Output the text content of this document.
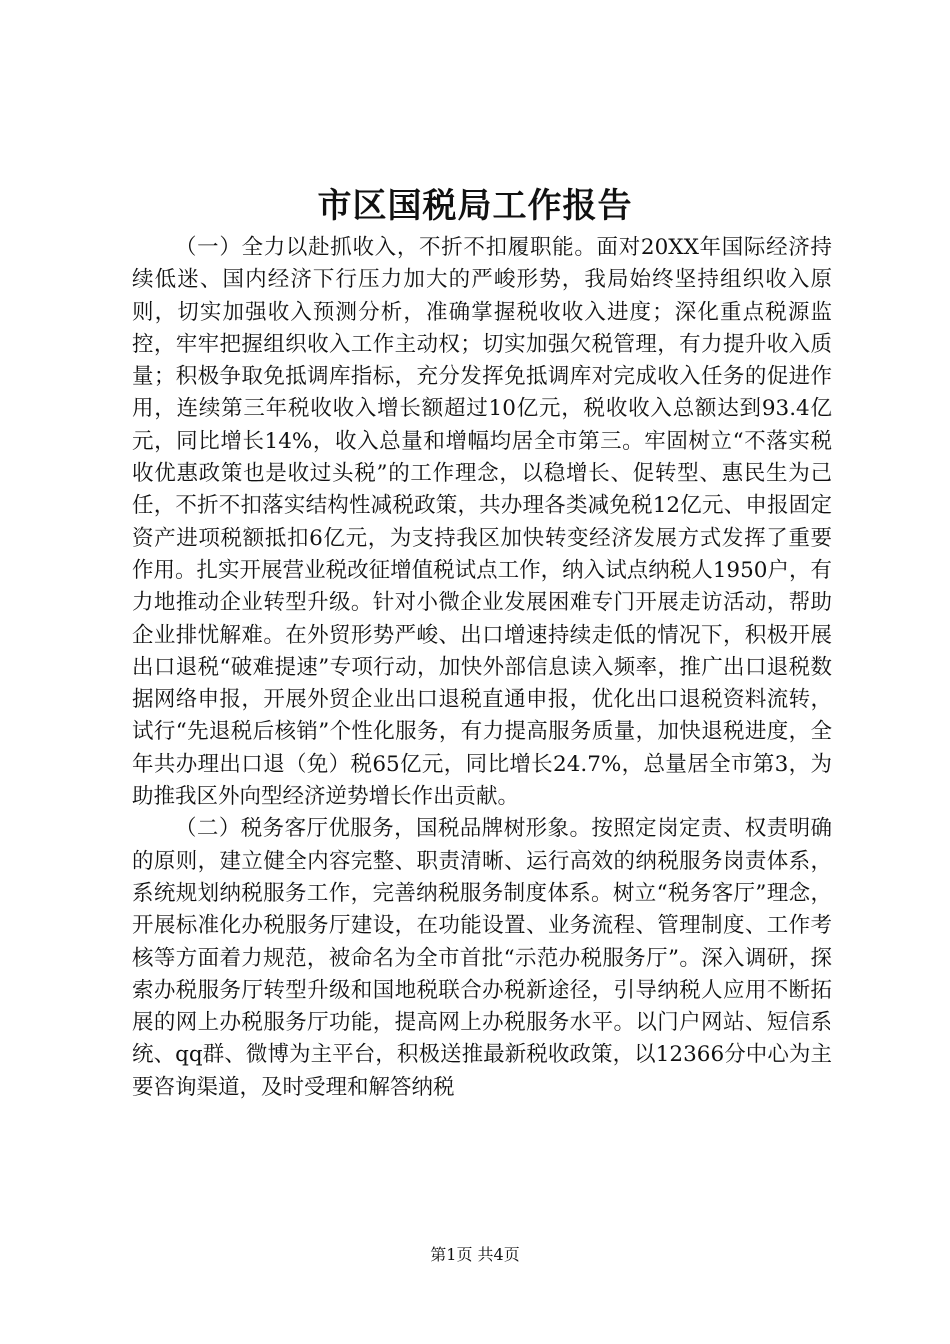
市区国税局工作报告

（一）全力以赴抓收入，不折不扣履职能。面对20XX年国际经济持续低迷、国内经济下行压力加大的严峻形势，我局始终坚持组织收入原则，切实加强收入预测分析，准确掌握税收收入进度；深化重点税源监控，牢牢把握组织收入工作主动权；切实加强欠税管理，有力提升收入质量；积极争取免抵调库指标，充分发挥免抵调库对完成收入任务的促进作用，连续第三年税收收入增长额超过10亿元，税收收入总额达到93.4亿元，同比增长14%，收入总量和增幅均居全市第三。牢固树立“不落实税收优惠政策也是收过头税”的工作理念，以稳增长、促转型、惠民生为己任，不折不扣落实结构性减税政策，共办理各类减免税12亿元、申报固定资产进项税额抵扣6亿元，为支持我区加快转变经济发展方式发挥了重要作用。扎实开展营业税改征增值税试点工作，纳入试点纳税人1950户，有力地推动企业转型升级。针对小微企业发展困难专门开展走访活动，帮助企业排忧解难。在外贸形势严峻、出口增速持续走低的情况下，积极开展出口退税“破难提速”专项行动，加快外部信息读入频率，推广出口退税数据网络申报，开展外贸企业出口退税直通申报，优化出口退税资料流转，试行“先退税后核销”个性化服务，有力提高服务质量，加快退税进度，全年共办理出口退（免）税65亿元，同比增长24.7%，总量居全市第3，为助推我区外向型经济逆势增长作出贡献。

（二）税务客厅优服务，国税品牌树形象。按照定岗定责、权责明确的原则，建立健全内容完整、职责清晰、运行高效的纳税服务岗责体系，系统规划纳税服务工作，完善纳税服务制度体系。树立“税务客厅”理念，开展标准化办税服务厅建设，在功能设置、业务流程、管理制度、工作考核等方面着力规范，被命名为全市首批“示范办税服务厅”。深入调研，探索办税服务厅转型升级和国地税联合办税新途径，引导纳税人应用不断拓展的网上办税服务厅功能，提高网上办税服务水平。以门户网站、短信系统、qq群、微博为主平台，积极送推最新税收政策，以12366分中心为主要咨询渠道，及时受理和解答纳税

第1页 共4页
